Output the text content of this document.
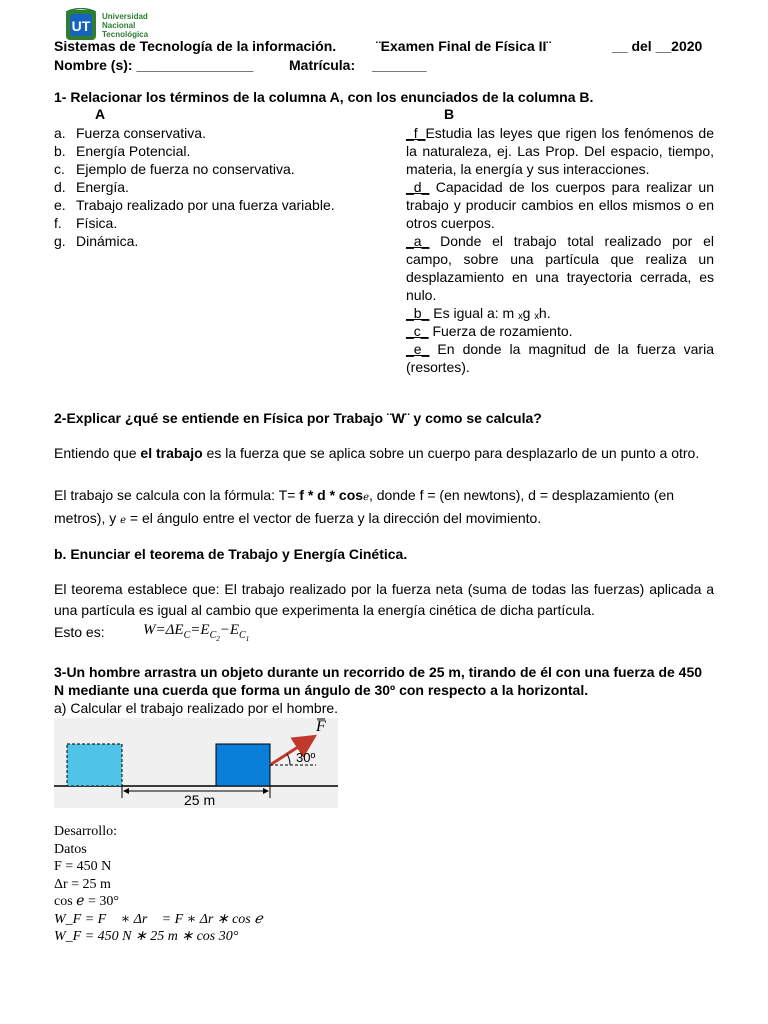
UT
Universidad
Nacional
Tecnológica
Sistemas de Tecnología de la información.	¨Examen Final de Física II¨	__ del __2020
Nombre (s): _______________	Matrícula: _______
1- Relacionar los términos de la columna A, con los enunciados de la columna B.
A	B
a. Fuerza conservativa.
b. Energía Potencial.
c. Ejemplo de fuerza no conservativa.
d. Energía.
e. Trabajo realizado por una fuerza variable.
f. Física.
g. Dinámica.
_f_Estudia las leyes que rigen los fenómenos de la naturaleza, ej. Las Prop. Del espacio, tiempo, materia, la energía y sus interacciones.
_d_ Capacidad de los cuerpos para realizar un trabajo y producir cambios en ellos mismos o en otros cuerpos.
_a_ Donde el trabajo total realizado por el campo, sobre una partícula que realiza un desplazamiento en una trayectoria cerrada, es nulo.
_b_ Es igual a: m ₓg ₓh.
_c_ Fuerza de rozamiento.
_e_ En donde la magnitud de la fuerza varia (resortes).
2-Explicar ¿qué se entiende en Física por Trabajo ¨W¨ y como se calcula?
Entiendo que el trabajo es la fuerza que se aplica sobre un cuerpo para desplazarlo de un punto a otro.
El trabajo se calcula con la fórmula: T= f * d * cosℯ, donde f = (en newtons), d = desplazamiento (en metros), y ℯ = el ángulo entre el vector de fuerza y la dirección del movimiento.
b. Enunciar el teorema de Trabajo y Energía Cinética.
El teorema establece que: El trabajo realizado por la fuerza neta (suma de todas las fuerzas) aplicada a una partícula es igual al cambio que experimenta la energía cinética de dicha partícula.
Esto es:	$W=\Delta E_C=E_{C_2}-E_{C_1}$
3-Un hombre arrastra un objeto durante un recorrido de 25 m, tirando de él con una fuerza de 450 N mediante una cuerda que forma un ángulo de 30º con respecto a la horizontal.
a) Calcular el trabajo realizado por el hombre.
F
30º
25 m
Desarrollo:
Datos
F = 450 N
Δr = 25 m
cos ℯ = 30°
W_F = F⃗ ∗ Δr⃗ = F ∗ Δr ∗ cos ℯ
W_F = 450 N ∗ 25 m ∗ cos 30°
